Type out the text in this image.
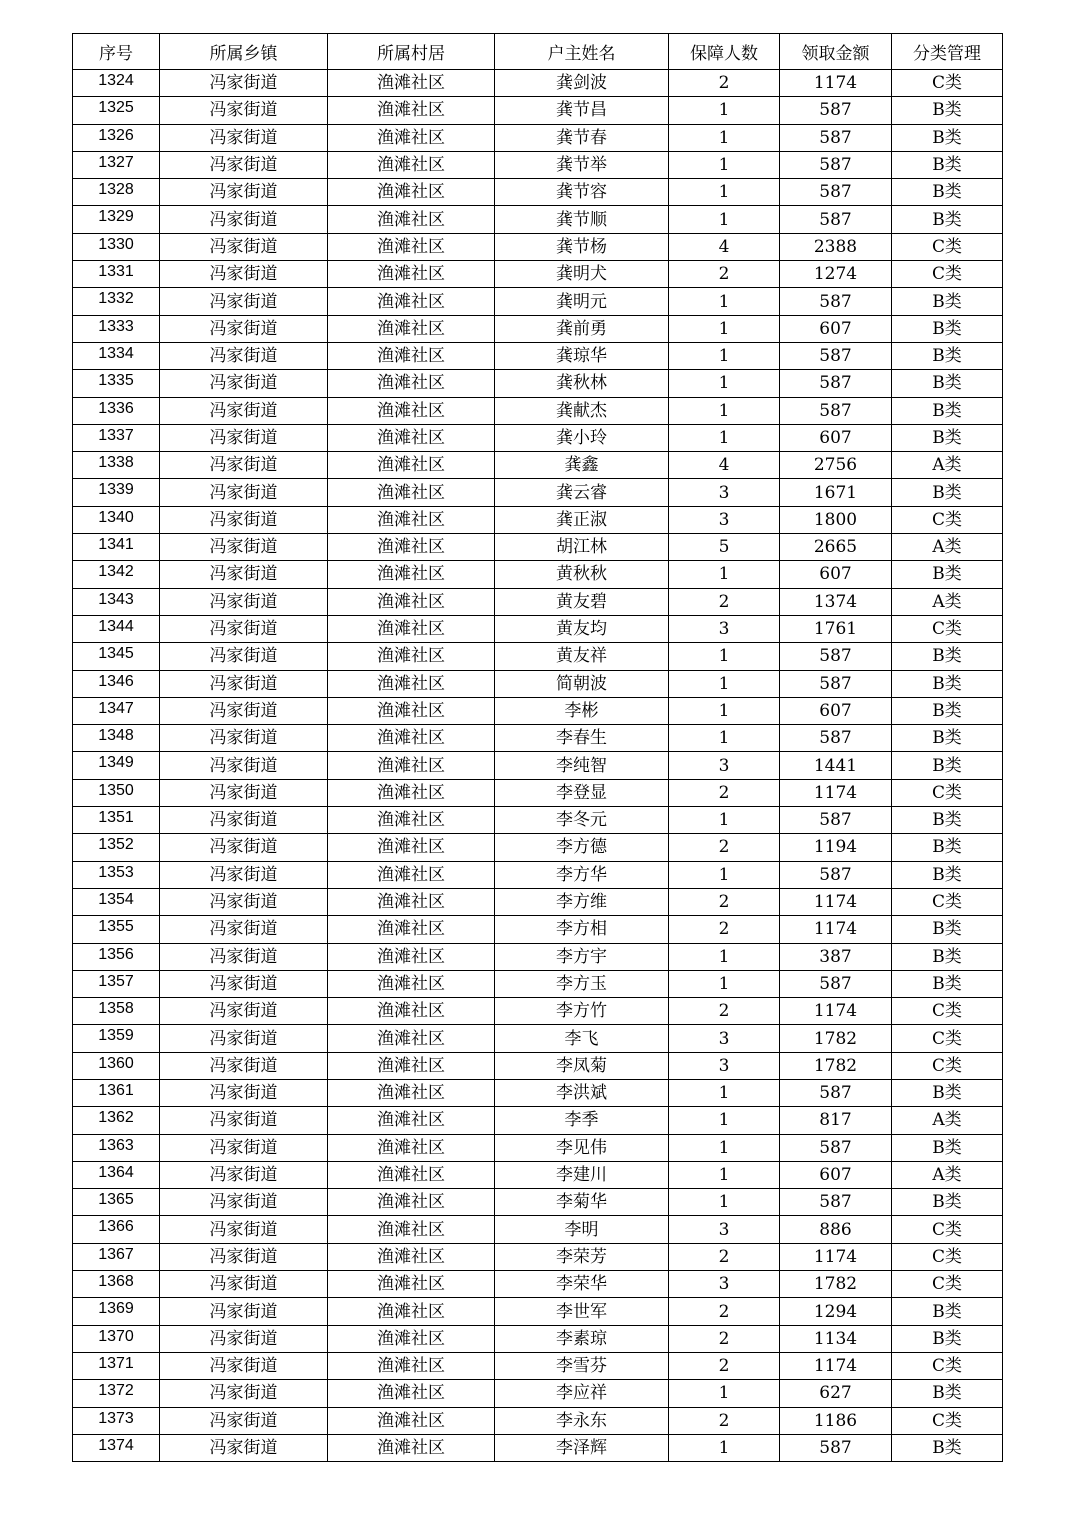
序号	所属乡镇	所属村居	户主姓名	保障人数	领取金额	分类管理
1324	冯家街道	渔滩社区	龚剑波	2	1174	C类
1325	冯家街道	渔滩社区	龚节昌	1	587	B类
1326	冯家街道	渔滩社区	龚节春	1	587	B类
1327	冯家街道	渔滩社区	龚节举	1	587	B类
1328	冯家街道	渔滩社区	龚节容	1	587	B类
1329	冯家街道	渔滩社区	龚节顺	1	587	B类
1330	冯家街道	渔滩社区	龚节杨	4	2388	C类
1331	冯家街道	渔滩社区	龚明犬	2	1274	C类
1332	冯家街道	渔滩社区	龚明元	1	587	B类
1333	冯家街道	渔滩社区	龚前勇	1	607	B类
1334	冯家街道	渔滩社区	龚琼华	1	587	B类
1335	冯家街道	渔滩社区	龚秋林	1	587	B类
1336	冯家街道	渔滩社区	龚献杰	1	587	B类
1337	冯家街道	渔滩社区	龚小玲	1	607	B类
1338	冯家街道	渔滩社区	龚鑫	4	2756	A类
1339	冯家街道	渔滩社区	龚云睿	3	1671	B类
1340	冯家街道	渔滩社区	龚正淑	3	1800	C类
1341	冯家街道	渔滩社区	胡江林	5	2665	A类
1342	冯家街道	渔滩社区	黄秋秋	1	607	B类
1343	冯家街道	渔滩社区	黄友碧	2	1374	A类
1344	冯家街道	渔滩社区	黄友均	3	1761	C类
1345	冯家街道	渔滩社区	黄友祥	1	587	B类
1346	冯家街道	渔滩社区	简朝波	1	587	B类
1347	冯家街道	渔滩社区	李彬	1	607	B类
1348	冯家街道	渔滩社区	李春生	1	587	B类
1349	冯家街道	渔滩社区	李纯智	3	1441	B类
1350	冯家街道	渔滩社区	李登显	2	1174	C类
1351	冯家街道	渔滩社区	李冬元	1	587	B类
1352	冯家街道	渔滩社区	李方德	2	1194	B类
1353	冯家街道	渔滩社区	李方华	1	587	B类
1354	冯家街道	渔滩社区	李方维	2	1174	C类
1355	冯家街道	渔滩社区	李方相	2	1174	B类
1356	冯家街道	渔滩社区	李方宇	1	387	B类
1357	冯家街道	渔滩社区	李方玉	1	587	B类
1358	冯家街道	渔滩社区	李方竹	2	1174	C类
1359	冯家街道	渔滩社区	李飞	3	1782	C类
1360	冯家街道	渔滩社区	李凤菊	3	1782	C类
1361	冯家街道	渔滩社区	李洪斌	1	587	B类
1362	冯家街道	渔滩社区	李季	1	817	A类
1363	冯家街道	渔滩社区	李见伟	1	587	B类
1364	冯家街道	渔滩社区	李建川	1	607	A类
1365	冯家街道	渔滩社区	李菊华	1	587	B类
1366	冯家街道	渔滩社区	李明	3	886	C类
1367	冯家街道	渔滩社区	李荣芳	2	1174	C类
1368	冯家街道	渔滩社区	李荣华	3	1782	C类
1369	冯家街道	渔滩社区	李世军	2	1294	B类
1370	冯家街道	渔滩社区	李素琼	2	1134	B类
1371	冯家街道	渔滩社区	李雪芬	2	1174	C类
1372	冯家街道	渔滩社区	李应祥	1	627	B类
1373	冯家街道	渔滩社区	李永东	2	1186	C类
1374	冯家街道	渔滩社区	李泽辉	1	587	B类
